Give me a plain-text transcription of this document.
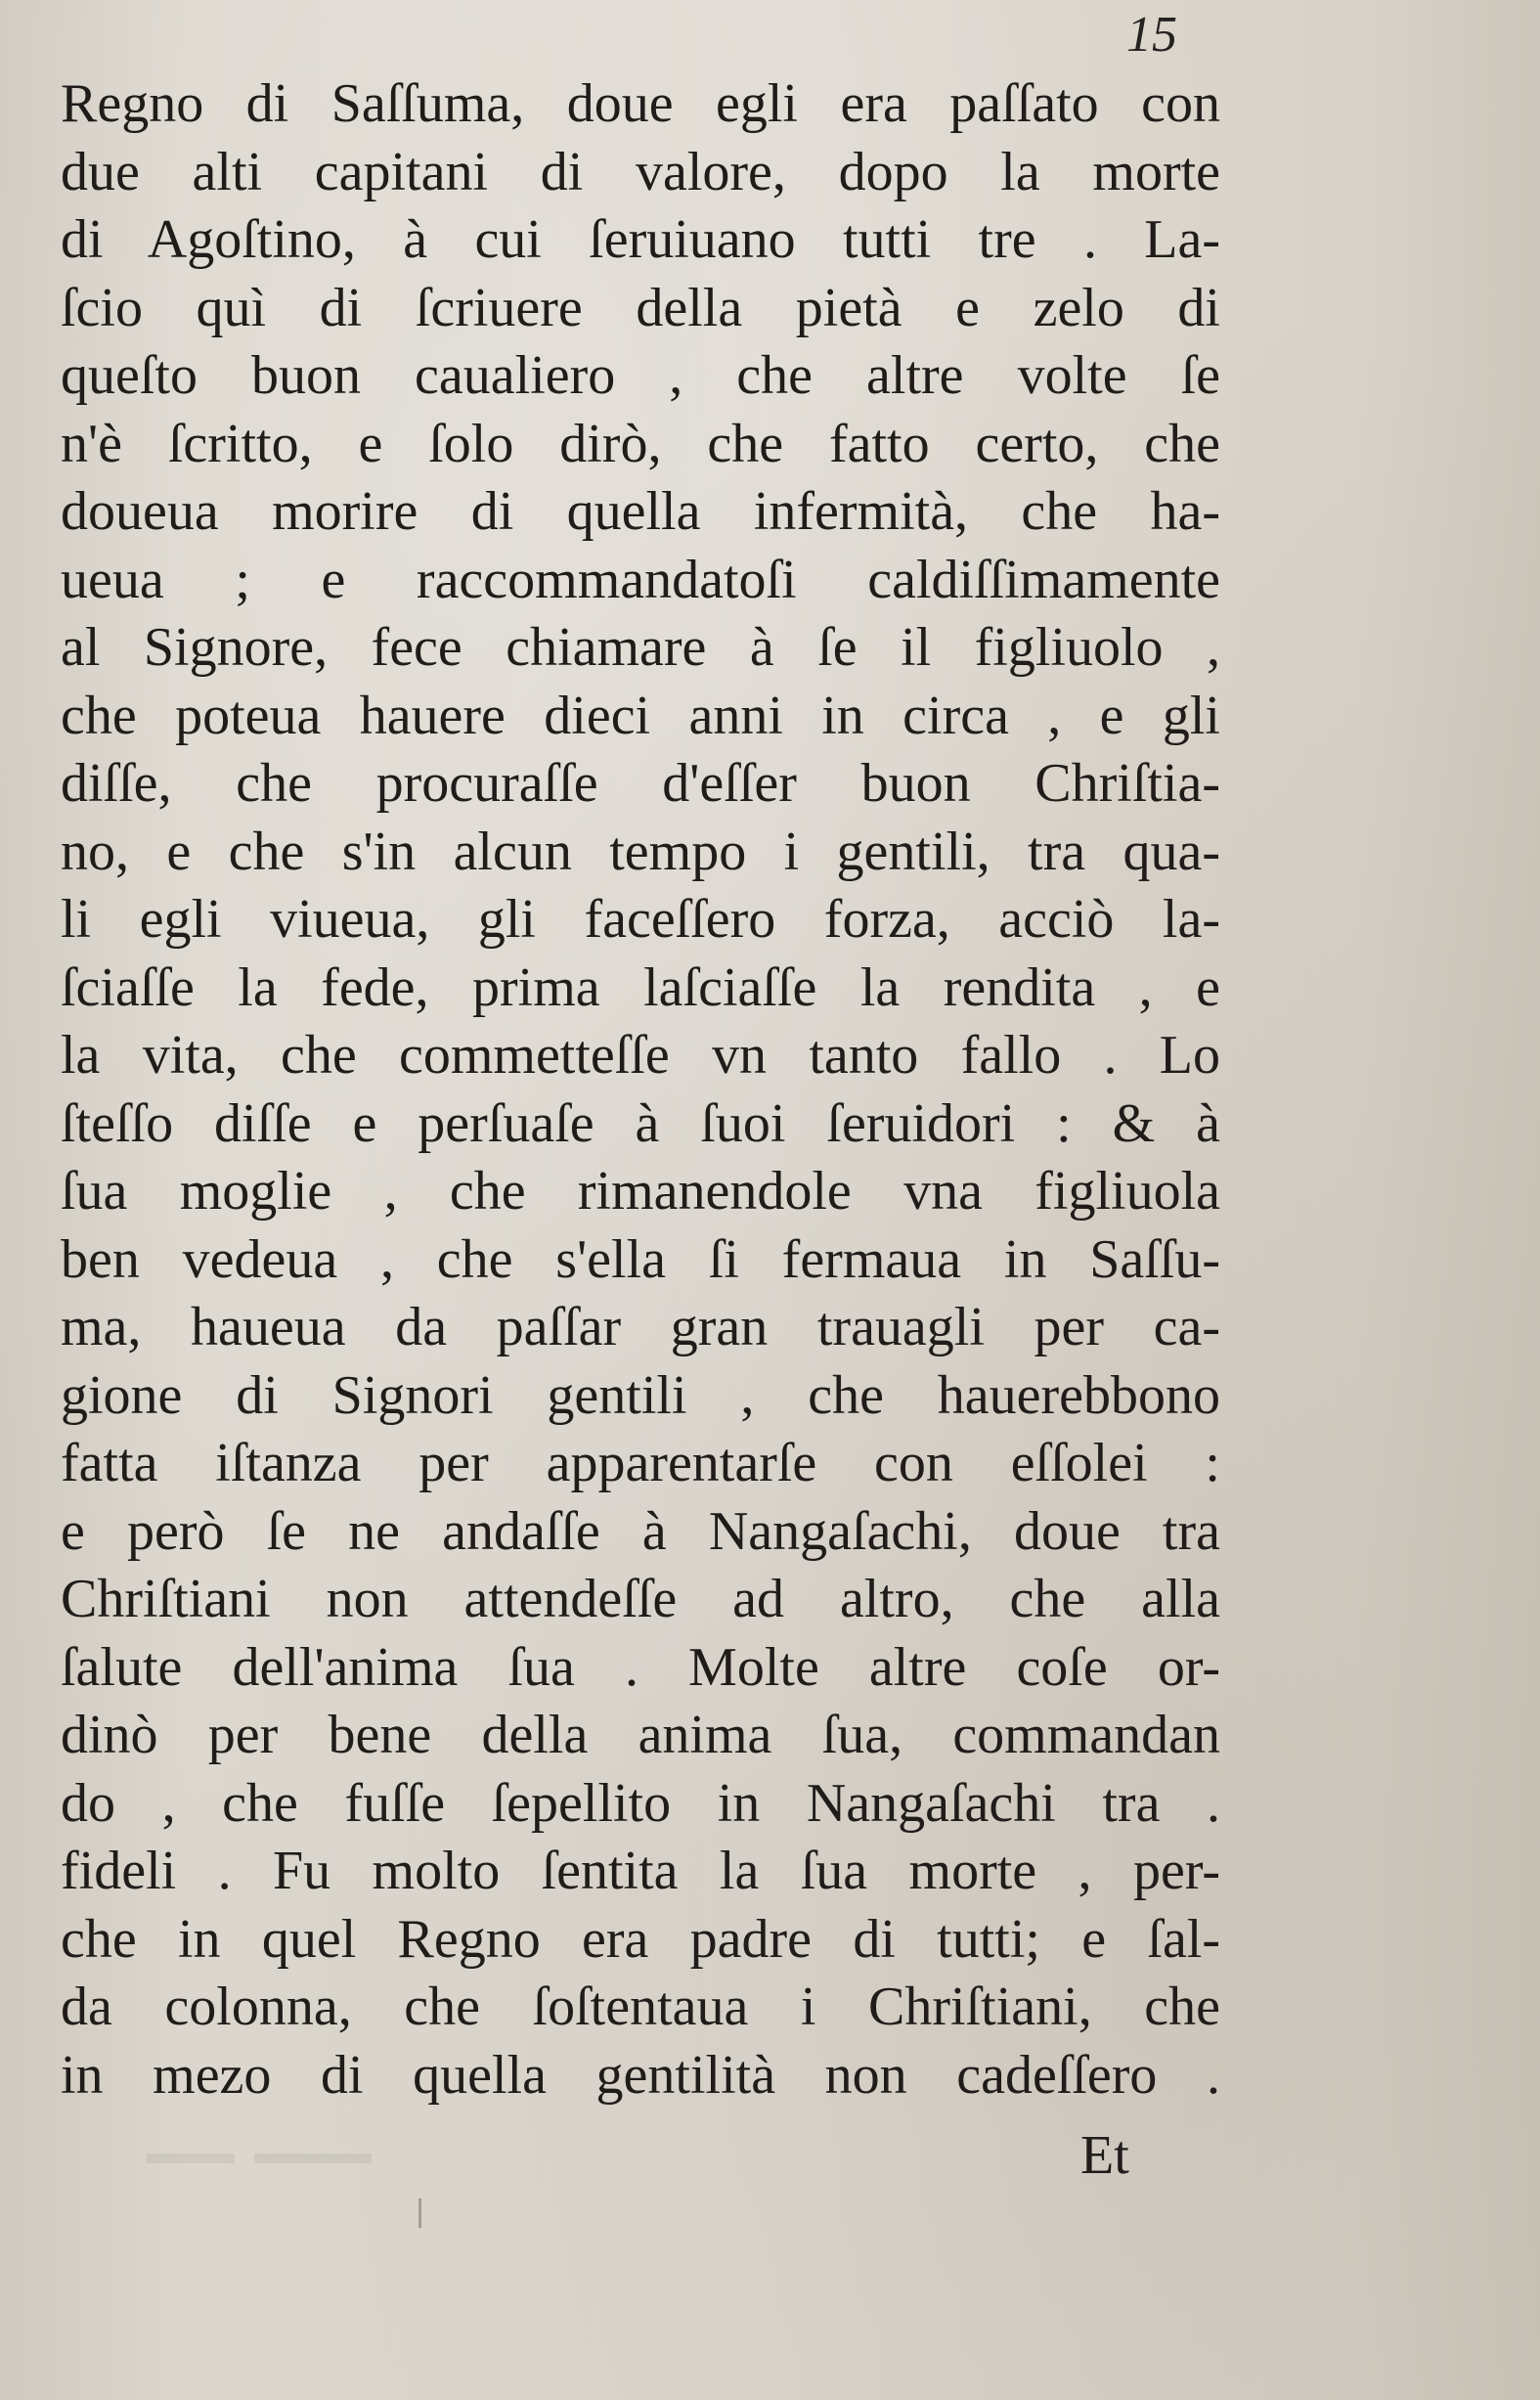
15
Regno di Saſſuma, doue egli era paſſato con
due alti capitani di valore, dopo la morte
di Agoſtino, à cui ſeruiuano tutti tre . La-
ſcio quì di ſcriuere della pietà e zelo di
queſto buon caualiero , che altre volte ſe
n'è ſcritto, e ſolo dirò, che fatto certo, che
doueua morire di quella infermità, che ha-
ueua ; e raccommandatoſi caldiſſimamente
al Signore, fece chiamare à ſe il figliuolo ,
che poteua hauere dieci anni in circa , e gli
diſſe, che procuraſſe d'eſſer buon Chriſtia-
no, e che s'in alcun tempo i gentili, tra qua-
li egli viueua, gli faceſſero forza, acciò la-
ſciaſſe la fede, prima laſciaſſe la rendita , e
la vita, che commetteſſe vn tanto fallo . Lo
ſteſſo diſſe e perſuaſe à ſuoi ſeruidori : & à
ſua moglie , che rimanendole vna figliuola
ben vedeua , che s'ella ſi fermaua in Saſſu-
ma, haueua da paſſar gran trauagli per ca-
gione di Signori gentili , che hauerebbono
fatta iſtanza per apparentarſe con eſſolei :
e però ſe ne andaſſe à Nangaſachi, doue tra
Chriſtiani non attendeſſe ad altro, che alla
ſalute dell'anima ſua . Molte altre coſe or-
dinò per bene della anima ſua, commandan
do , che fuſſe ſepellito in Nangaſachi tra .
fideli . Fu molto ſentita la ſua morte , per-
che in quel Regno era padre di tutti; e ſal-
da colonna, che ſoſtentaua i Chriſtiani, che
in mezo di quella gentilità non cadeſſero .
Et
